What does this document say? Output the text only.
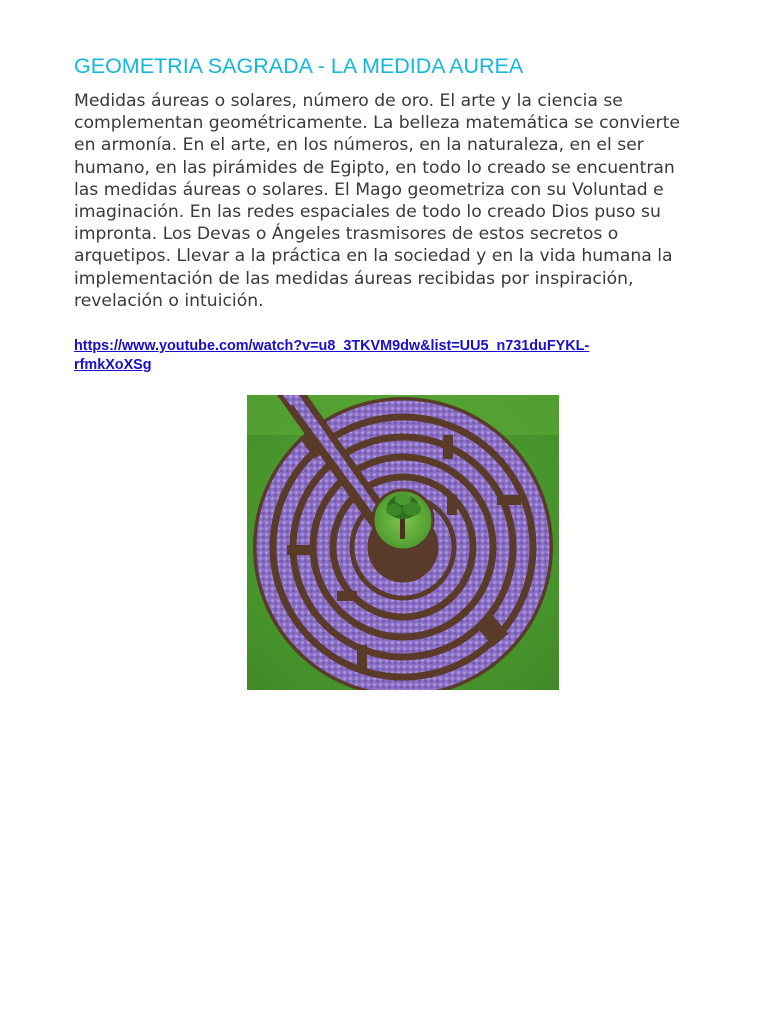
GEOMETRIA SAGRADA - LA MEDIDA AUREA
Medidas áureas o solares, número de oro. El arte y la ciencia se
complementan geométricamente. La belleza matemática se convierte
en armonía. En el arte, en los números, en la naturaleza, en el ser
humano, en las pirámides de Egipto, en todo lo creado se encuentran
las medidas áureas o solares. El Mago geometriza con su Voluntad e
imaginación. En las redes espaciales de todo lo creado Dios puso su
impronta. Los Devas o Ángeles trasmisores de estos secretos o
arquetipos. Llevar a la práctica en la sociedad y en la vida humana la
implementación de las medidas áureas recibidas por inspiración,
revelación o intuición.
https://www.youtube.com/watch?v=u8_3TKVM9dw&list=UU5_n731duFYKL-
rfmkXoXSg
